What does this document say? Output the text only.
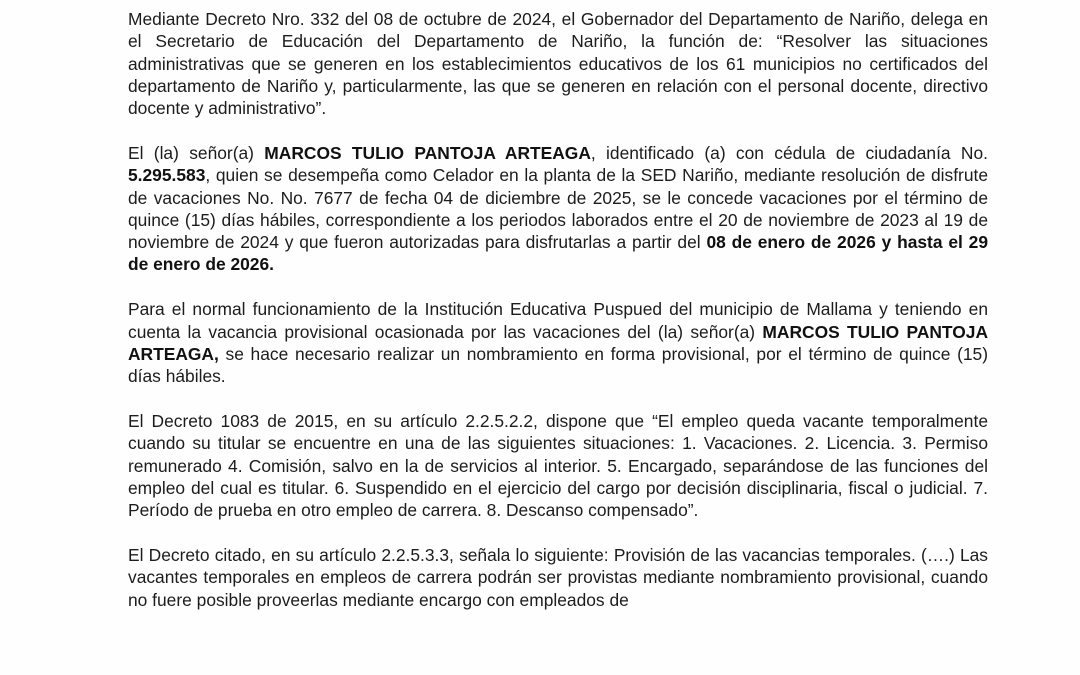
Mediante Decreto Nro. 332 del 08 de octubre de 2024, el Gobernador del Departamento de Nariño, delega en el Secretario de Educación del Departamento de Nariño, la función de: “Resolver las situaciones administrativas que se generen en los establecimientos educativos de los 61 municipios no certificados del departamento de Nariño y, particularmente, las que se generen en relación con el personal docente, directivo docente y administrativo”.

El (la) señor(a) MARCOS TULIO PANTOJA ARTEAGA, identificado (a) con cédula de ciudadanía No. 5.295.583, quien se desempeña como Celador en la planta de la SED Nariño, mediante resolución de disfrute de vacaciones No. No. 7677 de fecha 04 de diciembre de 2025, se le concede vacaciones por el término de quince (15) días hábiles, correspondiente a los periodos laborados entre el 20 de noviembre de 2023 al 19 de noviembre de 2024 y que fueron autorizadas para disfrutarlas a partir del 08 de enero de 2026 y hasta el 29 de enero de 2026.

Para el normal funcionamiento de la Institución Educativa Puspued del municipio de Mallama y teniendo en cuenta la vacancia provisional ocasionada por las vacaciones del (la) señor(a) MARCOS TULIO PANTOJA ARTEAGA, se hace necesario realizar un nombramiento en forma provisional, por el término de quince (15) días hábiles.

El Decreto 1083 de 2015, en su artículo 2.2.5.2.2, dispone que “El empleo queda vacante temporalmente cuando su titular se encuentre en una de las siguientes situaciones: 1. Vacaciones. 2. Licencia. 3. Permiso remunerado 4. Comisión, salvo en la de servicios al interior. 5. Encargado, separándose de las funciones del empleo del cual es titular. 6. Suspendido en el ejercicio del cargo por decisión disciplinaria, fiscal o judicial. 7. Período de prueba en otro empleo de carrera. 8. Descanso compensado”.

El Decreto citado, en su artículo 2.2.5.3.3, señala lo siguiente: Provisión de las vacancias temporales. (….) Las vacantes temporales en empleos de carrera podrán ser provistas mediante nombramiento provisional, cuando no fuere posible proveerlas mediante encargo con empleados de
